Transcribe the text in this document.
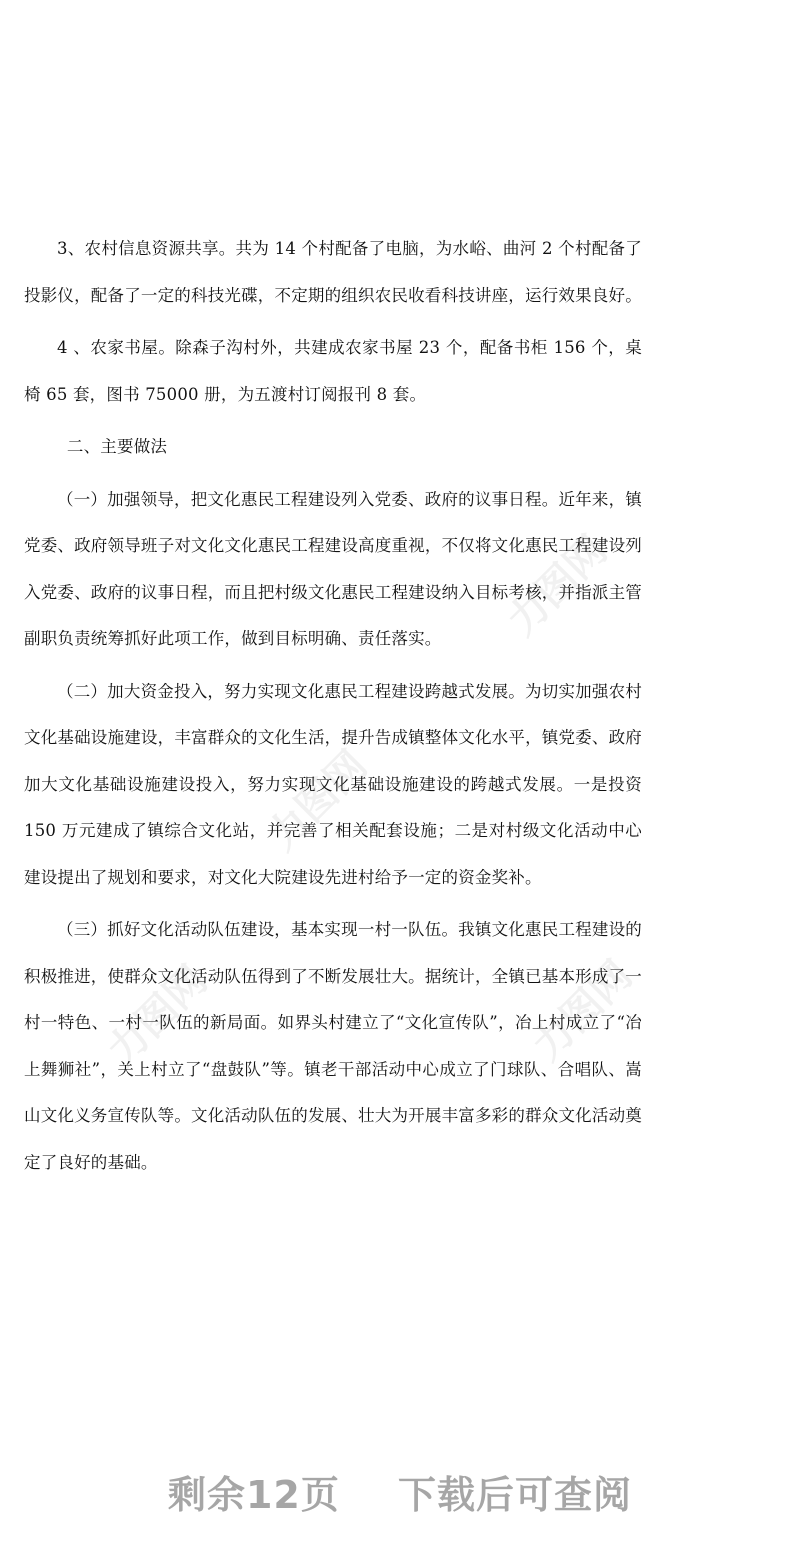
力图网
力图网
力图网
力图网

3、农村信息资源共享。共为 14 个村配备了电脑，为水峪、曲河 2 个村配备了投影仪，配备了一定的科技光碟，不定期的组织农民收看科技讲座，运行效果良好。

4 、农家书屋。除森子沟村外，共建成农家书屋 23 个，配备书柜 156 个，桌椅 65 套，图书 75000 册，为五渡村订阅报刊 8 套。

二、主要做法

（一）加强领导，把文化惠民工程建设列入党委、政府的议事日程。近年来，镇党委、政府领导班子对文化文化惠民工程建设高度重视，不仅将文化惠民工程建设列入党委、政府的议事日程，而且把村级文化惠民工程建设纳入目标考核，并指派主管副职负责统筹抓好此项工作，做到目标明确、责任落实。

（二）加大资金投入，努力实现文化惠民工程建设跨越式发展。为切实加强农村文化基础设施建设，丰富群众的文化生活，提升告成镇整体文化水平，镇党委、政府加大文化基础设施建设投入，努力实现文化基础设施建设的跨越式发展。一是投资 150 万元建成了镇综合文化站，并完善了相关配套设施；二是对村级文化活动中心建设提出了规划和要求，对文化大院建设先进村给予一定的资金奖补。

（三）抓好文化活动队伍建设，基本实现一村一队伍。我镇文化惠民工程建设的积极推进，使群众文化活动队伍得到了不断发展壮大。据统计，全镇已基本形成了一村一特色、一村一队伍的新局面。如界头村建立了“文化宣传队”，冶上村成立了“冶上舞狮社”，关上村立了“盘鼓队”等。镇老干部活动中心成立了门球队、合唱队、嵩山文化义务宣传队等。文化活动队伍的发展、壮大为开展丰富多彩的群众文化活动奠定了良好的基础。

剩余12页 下载后可查阅
